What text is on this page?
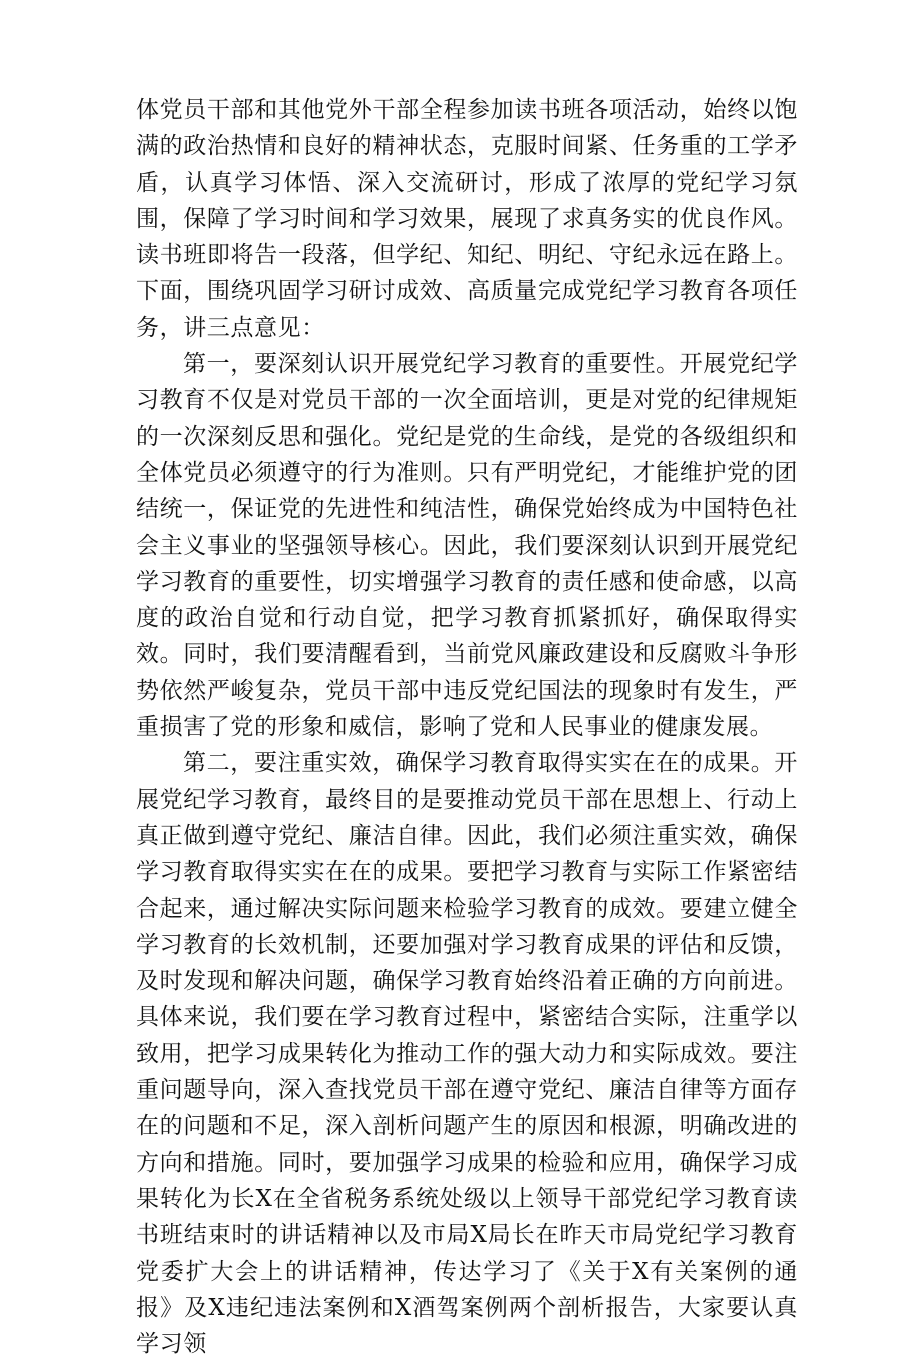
体党员干部和其他党外干部全程参加读书班各项活动，始终以饱满的政治热情和良好的精神状态，克服时间紧、任务重的工学矛盾，认真学习体悟、深入交流研讨，形成了浓厚的党纪学习氛围，保障了学习时间和学习效果，展现了求真务实的优良作风。读书班即将告一段落，但学纪、知纪、明纪、守纪永远在路上。下面，围绕巩固学习研讨成效、高质量完成党纪学习教育各项任务，讲三点意见：

第一，要深刻认识开展党纪学习教育的重要性。开展党纪学习教育不仅是对党员干部的一次全面培训，更是对党的纪律规矩的一次深刻反思和强化。党纪是党的生命线，是党的各级组织和全体党员必须遵守的行为准则。只有严明党纪，才能维护党的团结统一，保证党的先进性和纯洁性，确保党始终成为中国特色社会主义事业的坚强领导核心。因此，我们要深刻认识到开展党纪学习教育的重要性，切实增强学习教育的责任感和使命感，以高度的政治自觉和行动自觉，把学习教育抓紧抓好，确保取得实效。同时，我们要清醒看到，当前党风廉政建设和反腐败斗争形势依然严峻复杂，党员干部中违反党纪国法的现象时有发生，严重损害了党的形象和威信，影响了党和人民事业的健康发展。

第二，要注重实效，确保学习教育取得实实在在的成果。开展党纪学习教育，最终目的是要推动党员干部在思想上、行动上真正做到遵守党纪、廉洁自律。因此，我们必须注重实效，确保学习教育取得实实在在的成果。要把学习教育与实际工作紧密结合起来，通过解决实际问题来检验学习教育的成效。要建立健全学习教育的长效机制，还要加强对学习教育成果的评估和反馈，及时发现和解决问题，确保学习教育始终沿着正确的方向前进。具体来说，我们要在学习教育过程中，紧密结合实际，注重学以致用，把学习成果转化为推动工作的强大动力和实际成效。要注重问题导向，深入查找党员干部在遵守党纪、廉洁自律等方面存在的问题和不足，深入剖析问题产生的原因和根源，明确改进的方向和措施。同时，要加强学习成果的检验和应用，确保学习成果转化为长X在全省税务系统处级以上领导干部党纪学习教育读书班结束时的讲话精神以及市局X局长在昨天市局党纪学习教育党委扩大会上的讲话精神，传达学习了《关于X有关案例的通报》及X违纪违法案例和X酒驾案例两个剖析报告，大家要认真学习领
